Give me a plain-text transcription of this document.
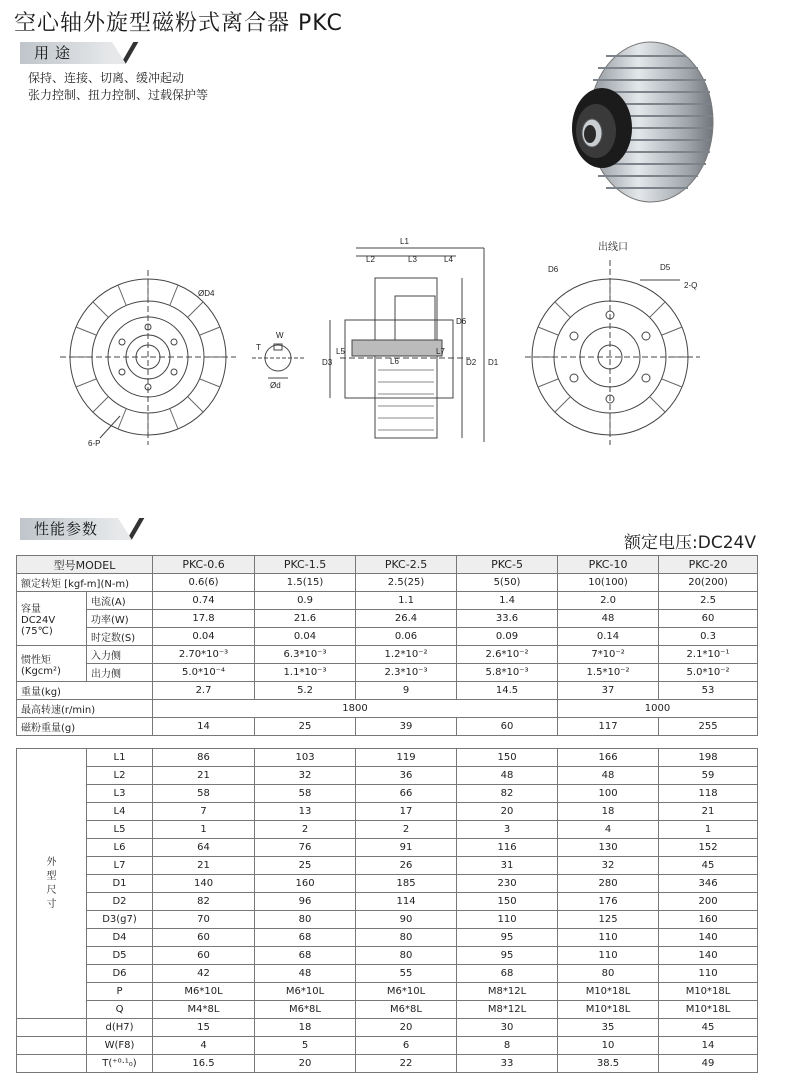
空心轴外旋型磁粉式离合器 PKC
用途
保持、连接、切离、缓冲起动
张力控制、扭力控制、过载保护等
ØD4
6-P
W
T
Ød
L1
L2	L3	L4
L5
L6
L7
D1
D2
D3
D6
出线口
D6	D5
2-Q
性能参数
额定电压:DC24V
型号MODEL		PKC-0.6	PKC-1.5	PKC-2.5	PKC-5	PKC-10	PKC-20
额定转矩 [kgf-m](N-m)		0.6(6)	1.5(15)	2.5(25)	5(50)	10(100)	20(200)
容量
DC24V
(75℃)	电流(A)	0.74	0.9	1.1	1.4	2.0	2.5
	功率(W)	17.8	21.6	26.4	33.6	48	60
	时定数(S)	0.04	0.04	0.06	0.09	0.14	0.3
惯性矩
(Kgcm²)	入力侧	2.70*10⁻³	6.3*10⁻³	1.2*10⁻²	2.6*10⁻²	7*10⁻²	2.1*10⁻¹
	出力侧	5.0*10⁻⁴	1.1*10⁻³	2.3*10⁻³	5.8*10⁻³	1.5*10⁻²	5.0*10⁻²
重量(kg)		2.7	5.2	9	14.5	37	53
最高转速(r/min)		1800				1000	
磁粉重量(g)		14	25	39	60	117	255

外
型
尺
寸	L1	86	103	119	150	166	198
	L2	21	32	36	48	48	59
	L3	58	58	66	82	100	118
	L4	7	13	17	20	18	21
	L5	1	2	2	3	4	1
	L6	64	76	91	116	130	152
	L7	21	25	26	31	32	45
	D1	140	160	185	230	280	346
	D2	82	96	114	150	176	200
	D3(g7)	70	80	90	110	125	160
	D4	60	68	80	95	110	140
	D5	60	68	80	95	110	140
	D6	42	48	55	68	80	110
	P	M6*10L	M6*10L	M6*10L	M8*12L	M10*18L	M10*18L
	Q	M4*8L	M6*8L	M6*8L	M8*12L	M10*18L	M10*18L
	d(H7)	15	18	20	30	35	45
	W(F8)	4	5	6	8	10	14
	T(⁺⁰·¹₀)	16.5	20	22	33	38.5	49
